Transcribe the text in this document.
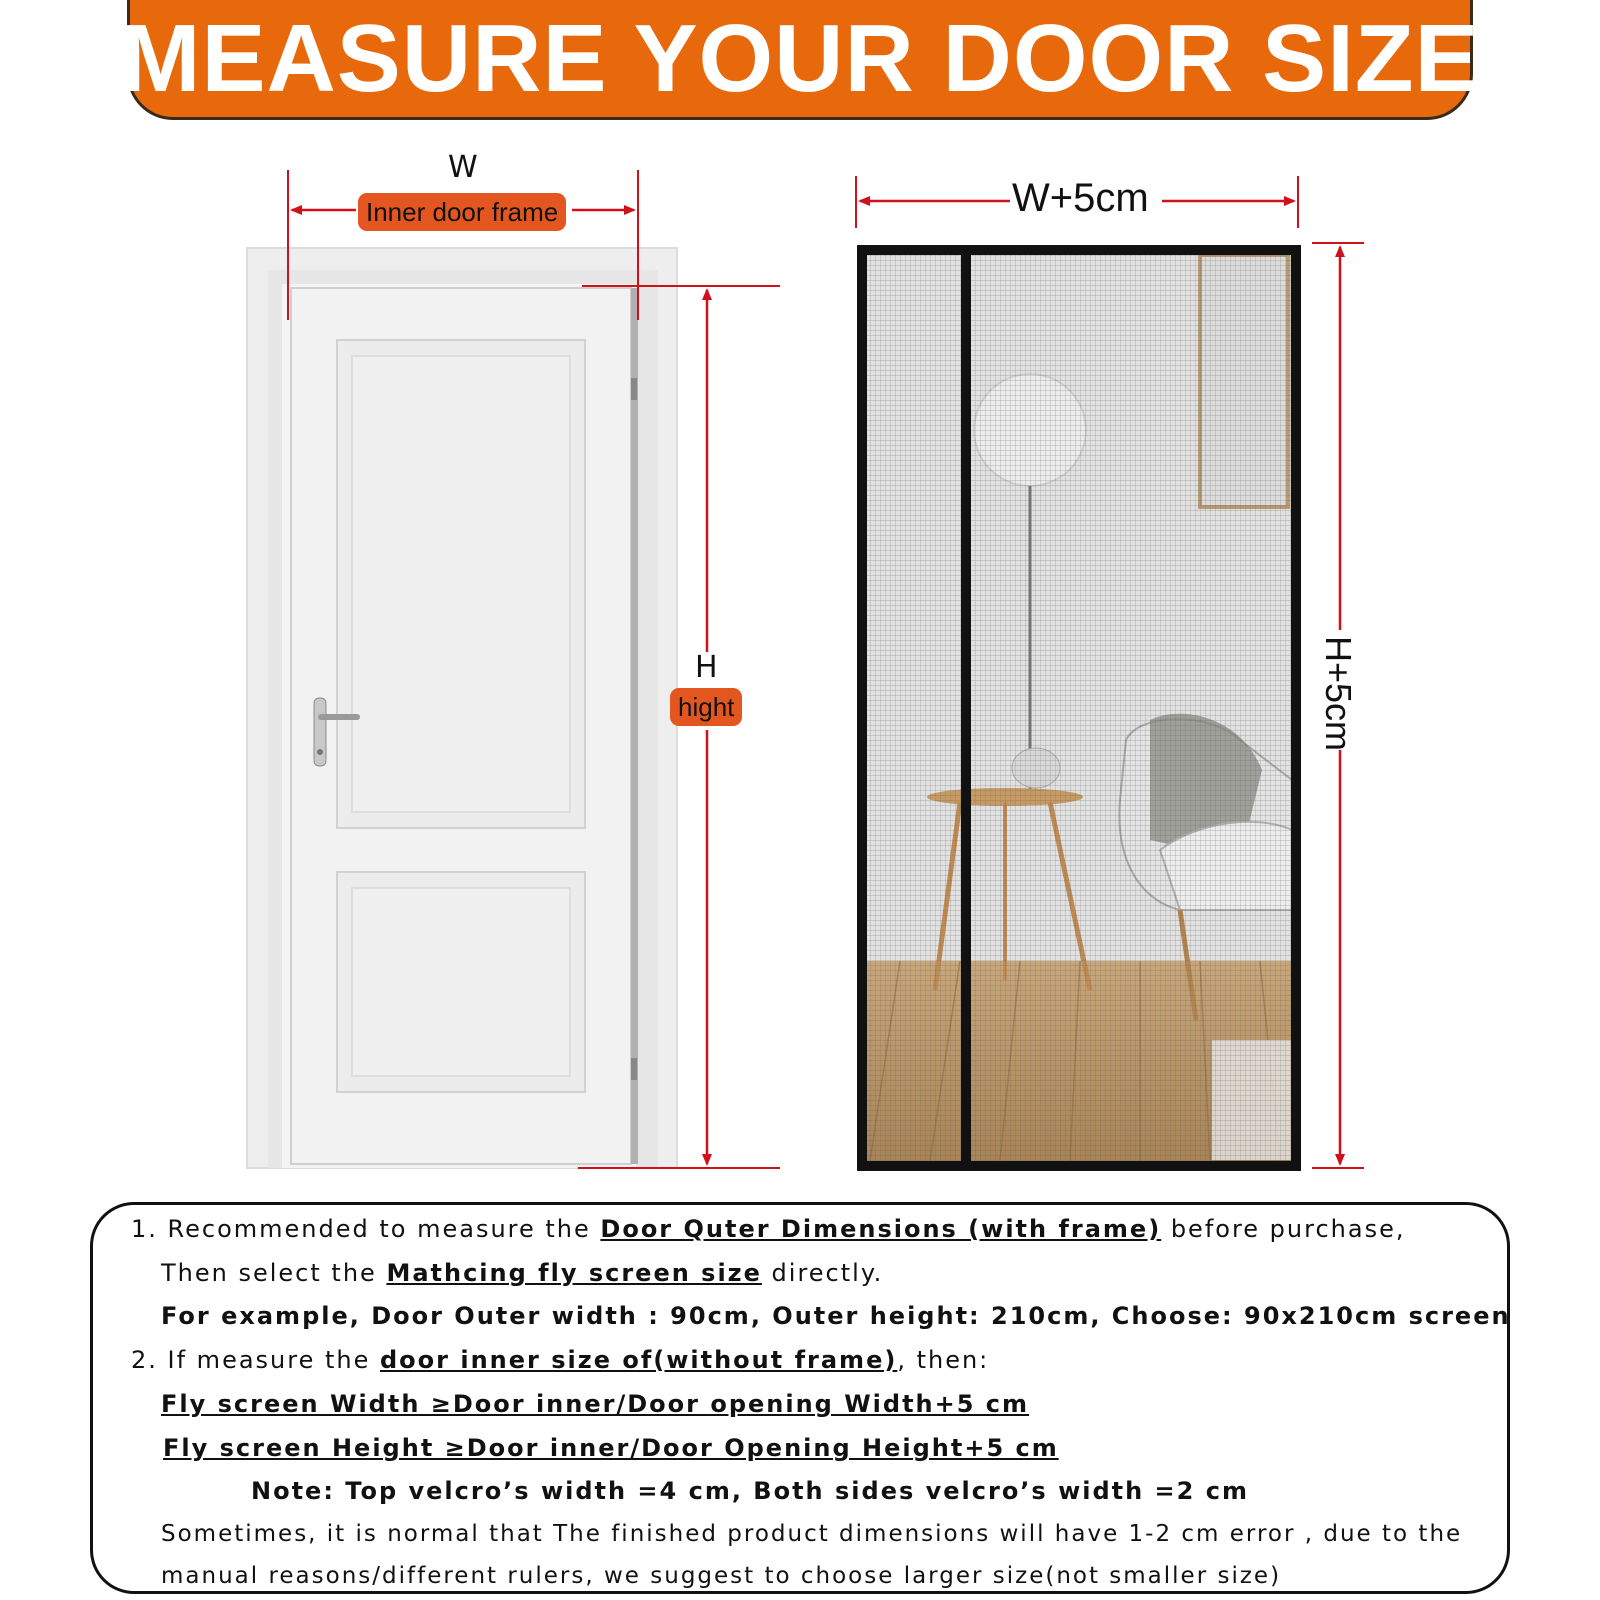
MEASURE YOUR DOOR SIZE
W
Inner door frame
H
hight
W+5cm
H+5cm
1. Recommended to measure the Door Quter Dimensions (with frame) before purchase,
Then select the Mathcing fly screen size directly.
For example, Door Outer width : 90cm, Outer height: 210cm, Choose: 90x210cm screen
2. If measure the door inner size of(without frame), then:
Fly screen Width ≥Door inner/Door opening Width+5 cm
Fly screen Height ≥Door inner/Door Opening Height+5 cm
Note: Top velcro’s width =4 cm, Both sides velcro’s width =2 cm
Sometimes, it is normal that The finished product dimensions will have 1-2 cm error , due to the
manual reasons/different rulers, we suggest to choose larger size(not smaller size)
